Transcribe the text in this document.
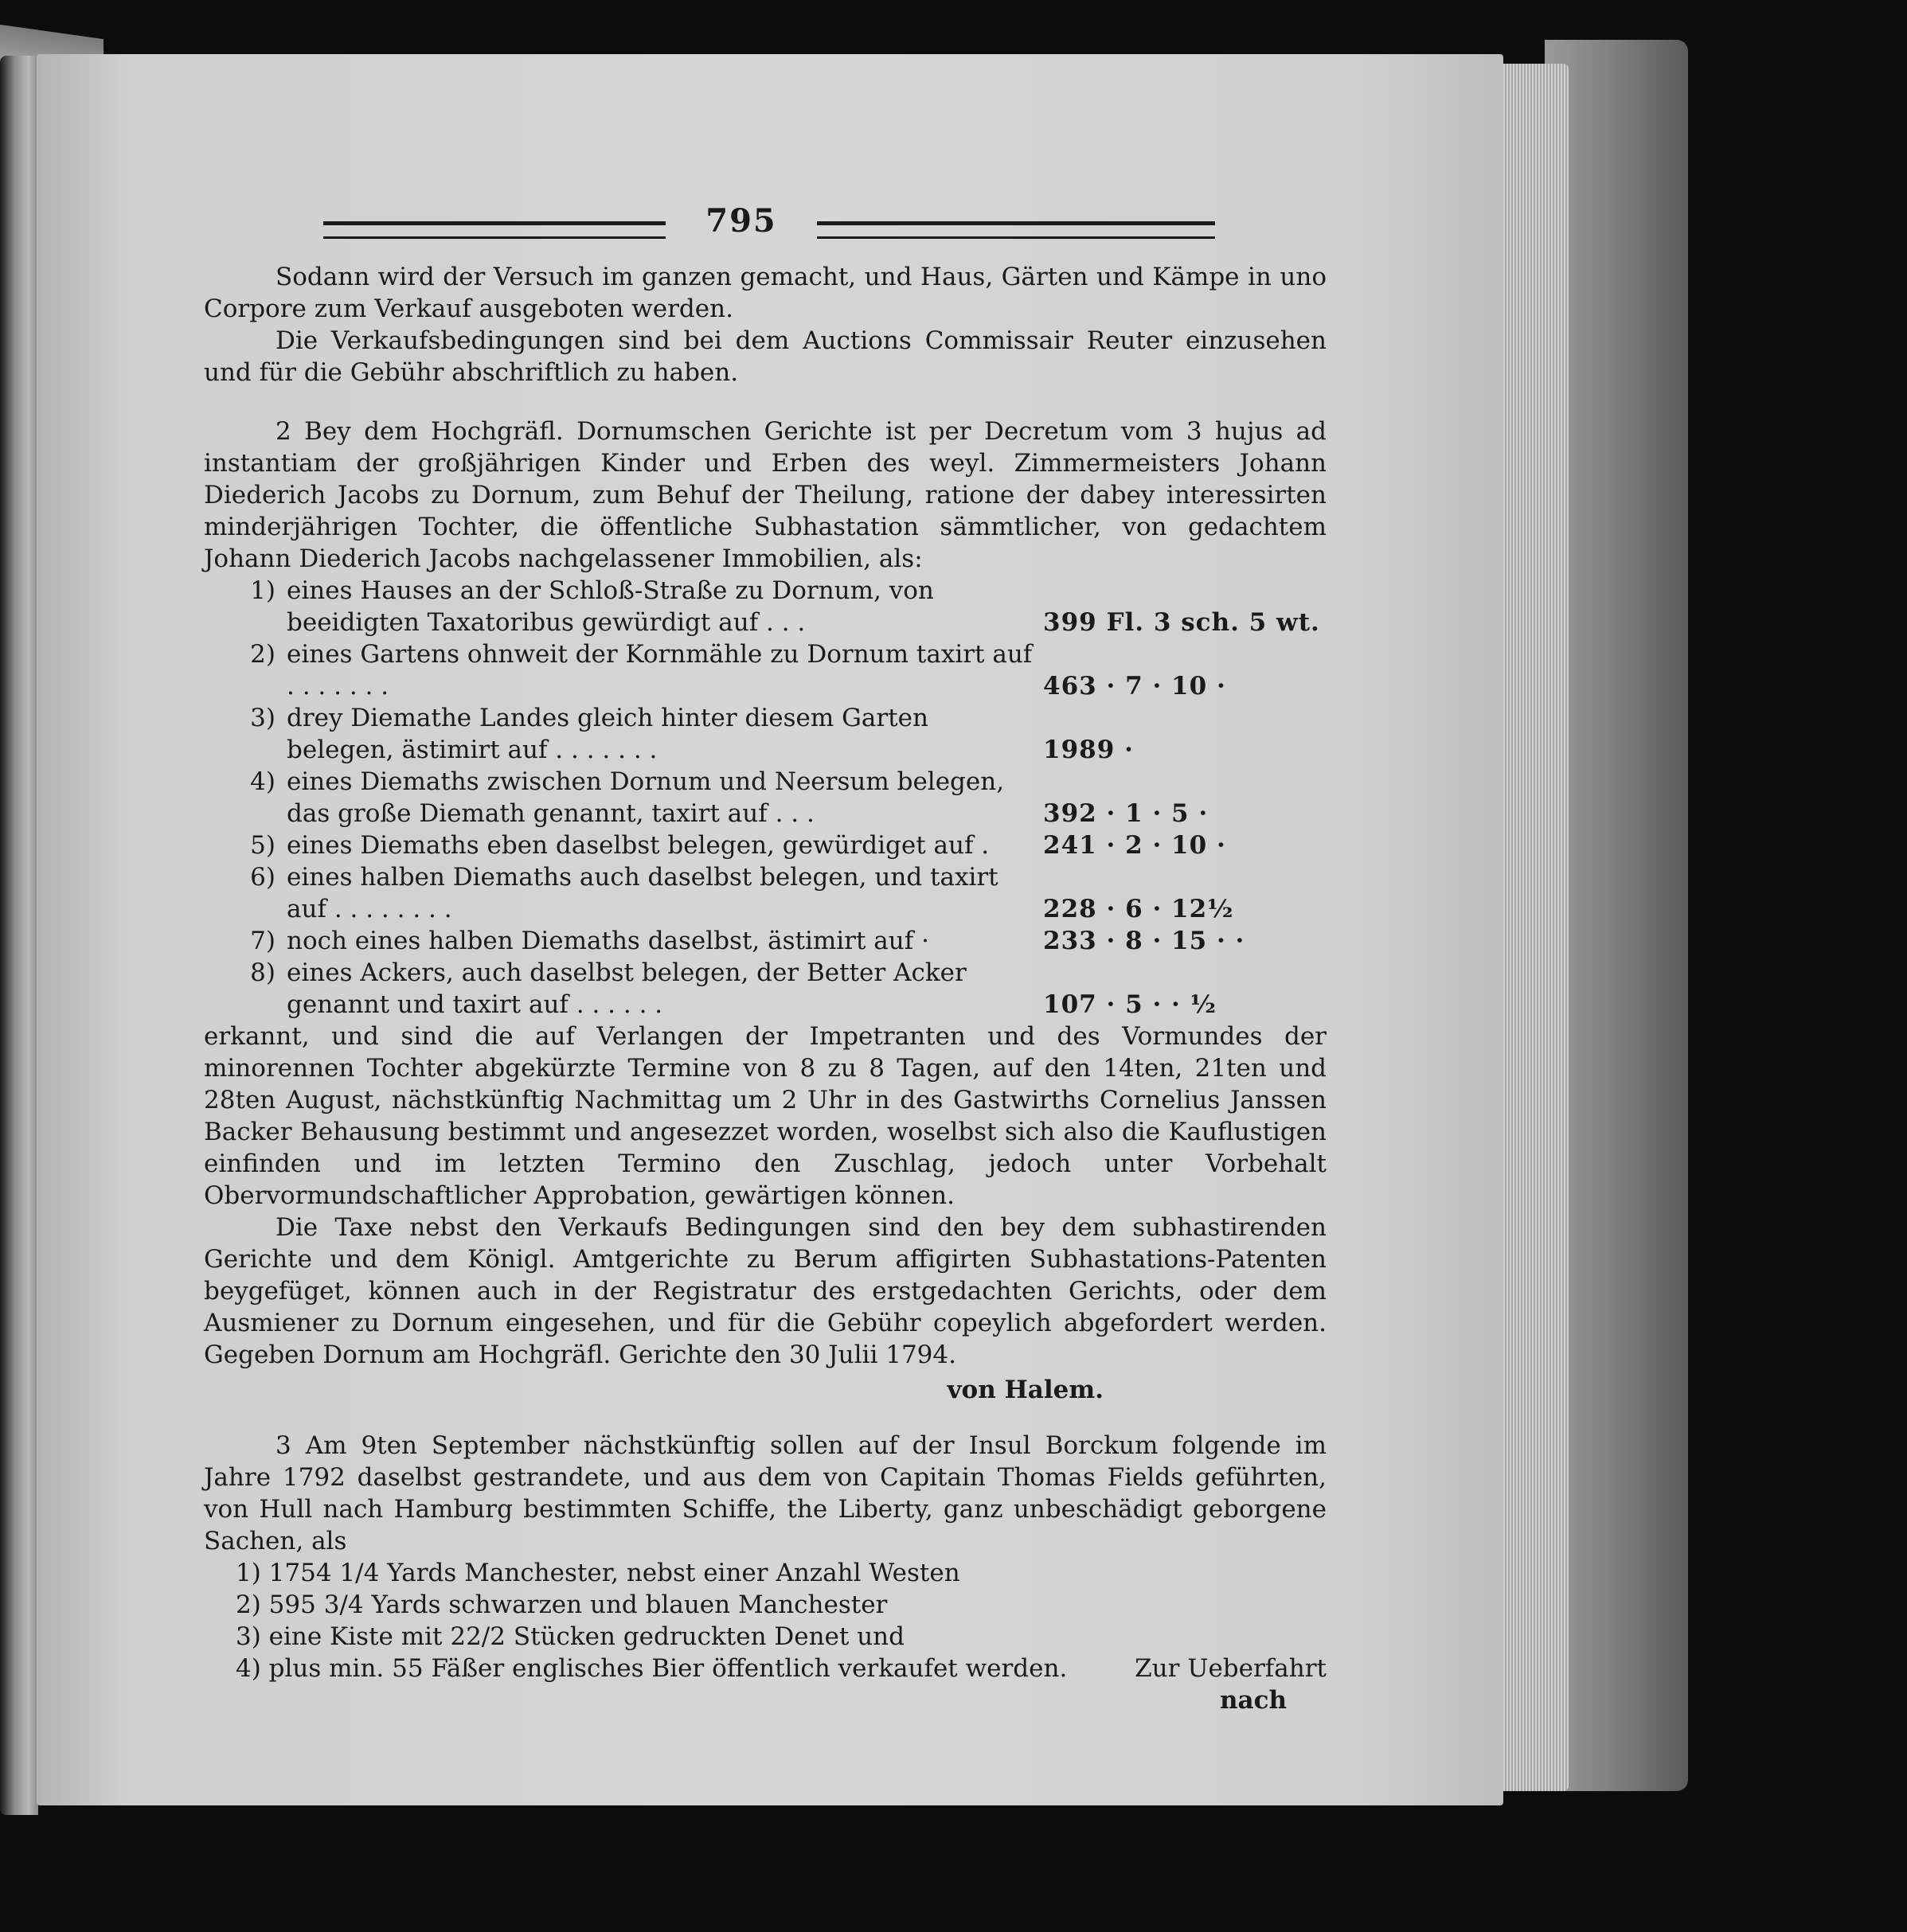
795

Sodann wird der Versuch im ganzen gemacht, und Haus, Gärten und Kämpe in uno Corpore zum Verkauf ausgeboten werden.

Die Verkaufsbedingungen sind bei dem Auctions Commissair Reuter einzusehen und für die Gebühr abschriftlich zu haben.

2 Bey dem Hochgräfl. Dornumschen Gerichte ist per Decretum vom 3 hujus ad instantiam der großjährigen Kinder und Erben des weyl. Zimmermeisters Johann Diederich Jacobs zu Dornum, zum Behuf der Theilung, ratione der dabey interessirten minderjährigen Tochter, die öffentliche Subhastation sämmtlicher, von gedachtem Johann Diederich Jacobs nachgelassener Immobilien, als:

1) eines Hauses an der Schloß-Straße zu Dornum, von beeidigten Taxatoribus gewürdigt auf . . .	399 Fl. 3 sch. 5 wt.
2) eines Gartens ohnweit der Kornmähle zu Dornum taxirt auf . . . . . . .	463 · 7 · 10 ·
3) drey Diemathe Landes gleich hinter diesem Garten belegen, ästimirt auf . . . . . . .	1989 ·
4) eines Diemaths zwischen Dornum und Neersum belegen, das große Diemath genannt, taxirt auf . . .	392 · 1 · 5 ·
5) eines Diemaths eben daselbst belegen, gewürdiget auf .	241 · 2 · 10 ·
6) eines halben Diemaths auch daselbst belegen, und taxirt auf . . . . . . . .	228 · 6 · 12½
7) noch eines halben Diemaths daselbst, ästimirt auf ·	233 · 8 · 15 · ·
8) eines Ackers, auch daselbst belegen, der Better Acker genannt und taxirt auf . . . . . .	107 · 5 · · ½

erkannt, und sind die auf Verlangen der Impetranten und des Vormundes der minorennen Tochter abgekürzte Termine von 8 zu 8 Tagen, auf den 14ten, 21ten und 28ten August, nächstkünftig Nachmittag um 2 Uhr in des Gastwirths Cornelius Janssen Backer Behausung bestimmt und angesezzet worden, woselbst sich also die Kauflustigen einfinden und im letzten Termino den Zuschlag, jedoch unter Vorbehalt Obervormundschaftlicher Approbation, gewärtigen können.

Die Taxe nebst den Verkaufs Bedingungen sind den bey dem subhastirenden Gerichte und dem Königl. Amtgerichte zu Berum affigirten Subhastations-Patenten beygefüget, können auch in der Registratur des erstgedachten Gerichts, oder dem Ausmiener zu Dornum eingesehen, und für die Gebühr copeylich abgefordert werden. Gegeben Dornum am Hochgräfl. Gerichte den 30 Julii 1794.

von Halem.

3 Am 9ten September nächstkünftig sollen auf der Insul Borckum folgende im Jahre 1792 daselbst gestrandete, und aus dem von Capitain Thomas Fields geführten, von Hull nach Hamburg bestimmten Schiffe, the Liberty, ganz unbeschädigt geborgene Sachen, als

1) 1754 1/4 Yards Manchester, nebst einer Anzahl Westen
2) 595 3/4 Yards schwarzen und blauen Manchester
3) eine Kiste mit 22/2 Stücken gedruckten Denet und
4) plus min. 55 Fäßer englisches Bier öffentlich verkaufet werden.	Zur Ueberfahrt
nach
